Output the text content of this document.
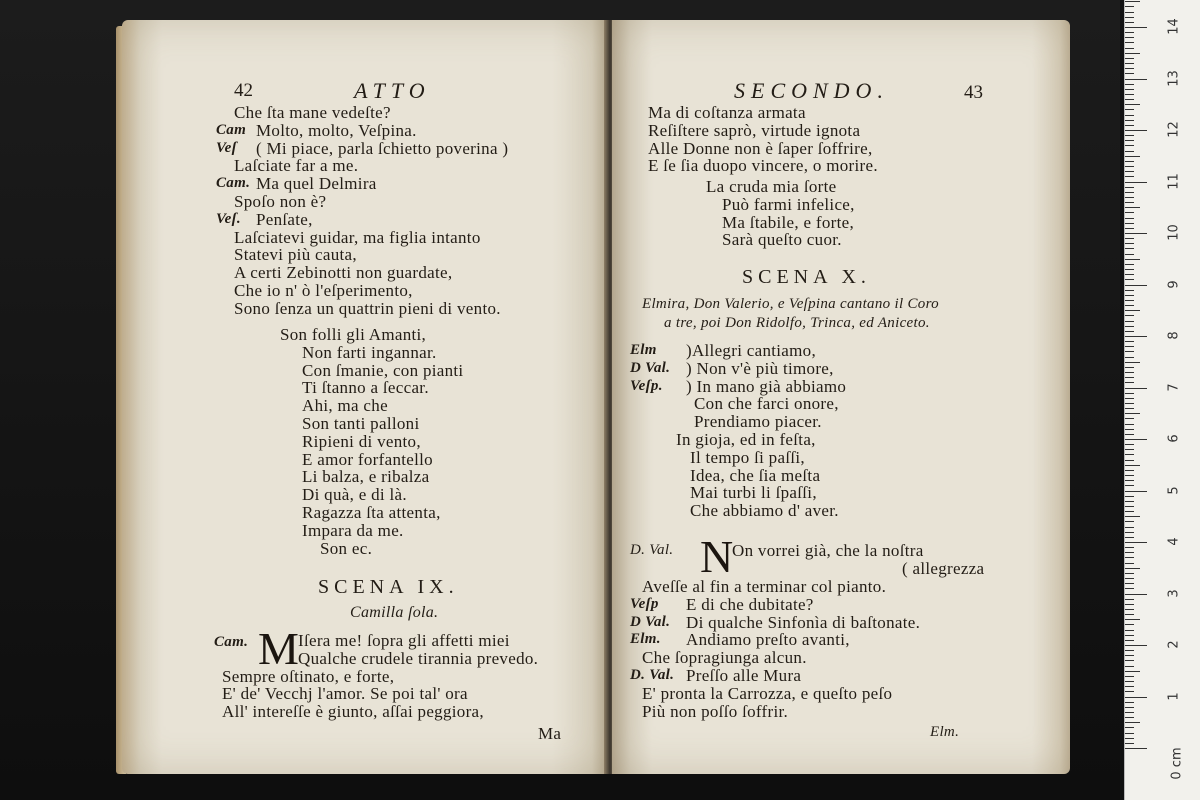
1
2
3
4
5
6
7
8
9
10
11
12
13
14
0 cm
42	ATTO
Che ſta mane vedeſte?
Cam Molto, molto, Veſpina.
Veſ ( Mi piace, parla ſchietto poverina )
Laſciate far a me.
Cam. Ma quel Delmira
Spoſo non è?
Veſ. Penſate,
Laſciatevi guidar, ma figlia intanto
Statevi più cauta,
A certi Zebinotti non guardate,
Che io n' ò l'eſperimento,
Sono ſenza un quattrin pieni di vento.
Son folli gli Amanti,
Non farti ingannar.
Con ſmanie, con pianti
Ti ſtanno a ſeccar.
Ahi, ma che
Son tanti palloni
Ripieni di vento,
E amor forfantello
Li balza, e ribalza
Di quà, e di là.
Ragazza ſta attenta,
Impara da me.
Son ec.
SCENA IX.
Camilla ſola.
Cam. M Iſera me! ſopra gli affetti miei
Qualche crudele tirannia prevedo.
Sempre oſtinato, e forte,
E' de' Vecchj l'amor. Se poi tal' ora
All' intereſſe è giunto, aſſai peggiora,
Ma
SECONDO.	43
Ma di coſtanza armata
Reſiſtere saprò, virtude ignota
Alle Donne non è ſaper ſoffrire,
E ſe ſia duopo vincere, o morire.
La cruda mia ſorte
Può farmi infelice,
Ma ſtabile, e forte,
Sarà queſto cuor.
SCENA X.
Elmira, Don Valerio, e Veſpina cantano il Coro
a tre, poi Don Ridolfo, Trinca, ed Aniceto.
Elm )Allegri cantiamo,
D Val. ) Non v'è più timore,
Veſp. ) In mano già abbiamo
Con che farci onore,
Prendiamo piacer.
In gioja, ed in feſta,
Il tempo ſi paſſi,
Idea, che ſia meſta
Mai turbi li ſpaſſi,
Che abbiamo d' aver.
D. Val. N
On vorrei già, che la noſtra
( allegrezza
Aveſſe al fin a terminar col pianto.
Veſp E di che dubitate?
D Val. Di qualche Sinfonìa di baſtonate.
Elm. Andiamo preſto avanti,
Che ſopragiunga alcun.
D. Val. Preſſo alle Mura
E' pronta la Carrozza, e queſto peſo
Più non poſſo ſoffrir.
Elm.
